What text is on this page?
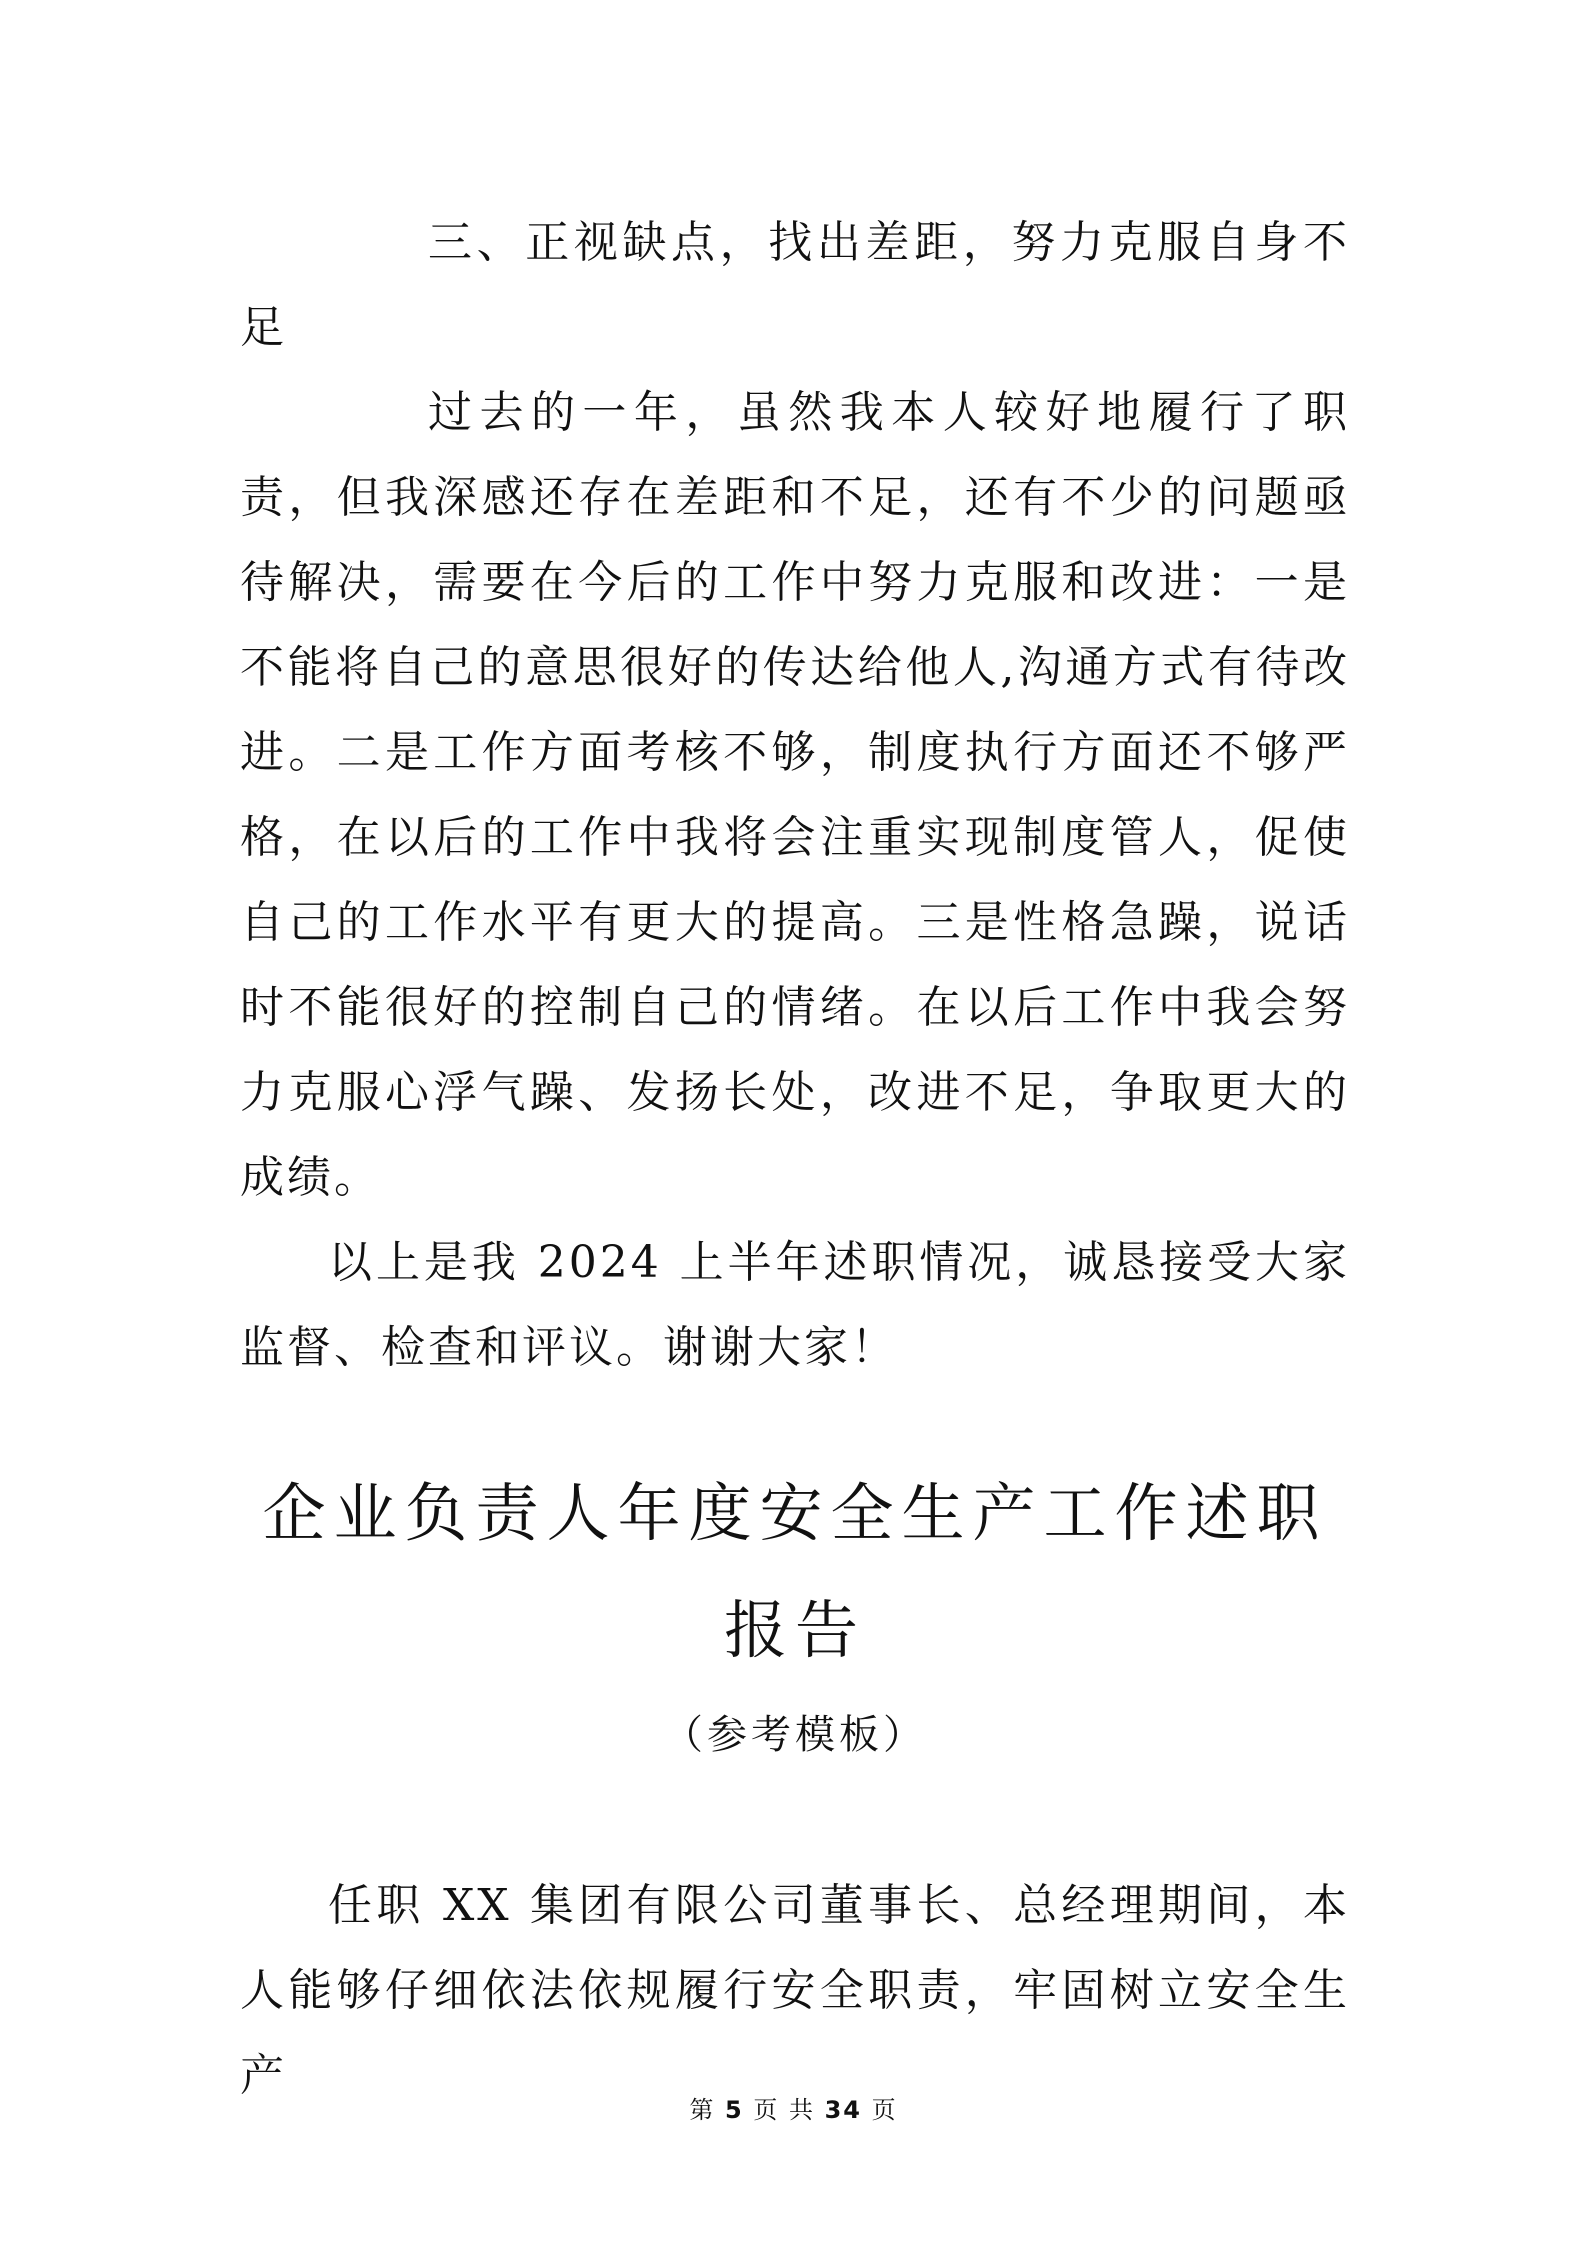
三、正视缺点，找出差距，努力克服自身不足

过去的一年，虽然我本人较好地履行了职责，但我深感还存在差距和不足，还有不少的问题亟待解决，需要在今后的工作中努力克服和改进：一是不能将自己的意思很好的传达给他人,沟通方式有待改进。二是工作方面考核不够，制度执行方面还不够严格，在以后的工作中我将会注重实现制度管人，促使自己的工作水平有更大的提高。三是性格急躁，说话时不能很好的控制自己的情绪。在以后工作中我会努力克服心浮气躁、发扬长处，改进不足，争取更大的成绩。

以上是我 2024 上半年述职情况，诚恳接受大家监督、检查和评议。谢谢大家！

企业负责人年度安全生产工作述职报告
（参考模板）

任职 XX 集团有限公司董事长、总经理期间，本人能够仔细依法依规履行安全职责，牢固树立安全生产

第 5 页 共 34 页
